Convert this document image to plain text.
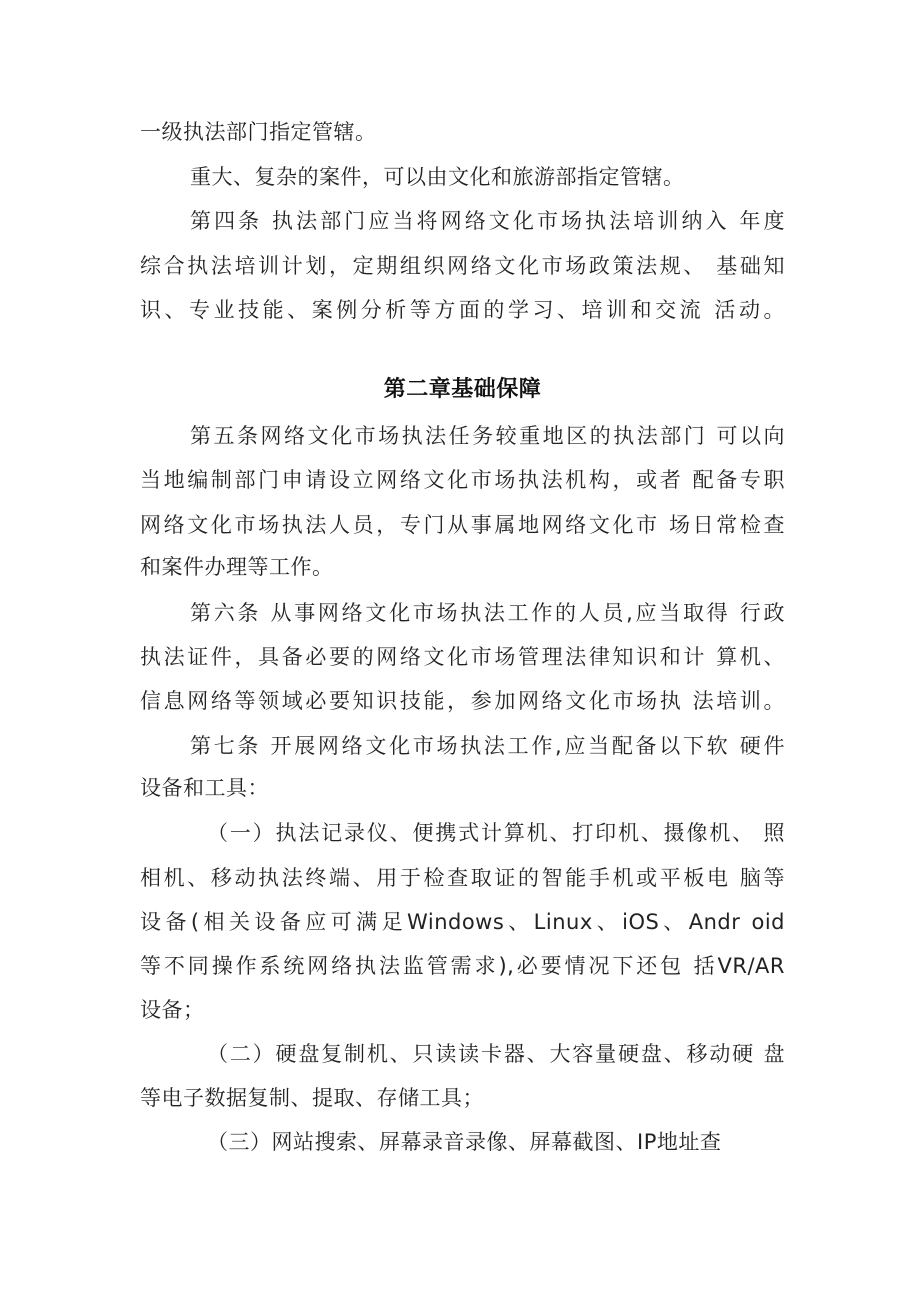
一级执法部门指定管辖。
重大、复杂的案件，可以由文化和旅游部指定管辖。
第四条 执法部门应当将网络文化市场执法培训纳入 年度
综合执法培训计划，定期组织网络文化市场政策法规、 基础知
识、专业技能、案例分析等方面的学习、培训和交流 活动。
第二章基础保障
第五条网络文化市场执法任务较重地区的执法部门 可以向
当地编制部门申请设立网络文化市场执法机构，或者 配备专职
网络文化市场执法人员，专门从事属地网络文化市 场日常检查
和案件办理等工作。
第六条 从事网络文化市场执法工作的人员,应当取得 行政
执法证件，具备必要的网络文化市场管理法律知识和计 算机、
信息网络等领域必要知识技能，参加网络文化市场执 法培训。
第七条 开展网络文化市场执法工作,应当配备以下软 硬件
设备和工具：
（一）执法记录仪、便携式计算机、打印机、摄像机、 照
相机、移动执法终端、用于检查取证的智能手机或平板电 脑等
设备(相关设备应可满足Windows、Linux、iOS、Andr oid
等不同操作系统网络执法监管需求),必要情况下还包 括VR/AR
设备；
（二）硬盘复制机、只读读卡器、大容量硬盘、移动硬 盘
等电子数据复制、提取、存储工具；
（三）网站搜索、屏幕录音录像、屏幕截图、IP地址查
